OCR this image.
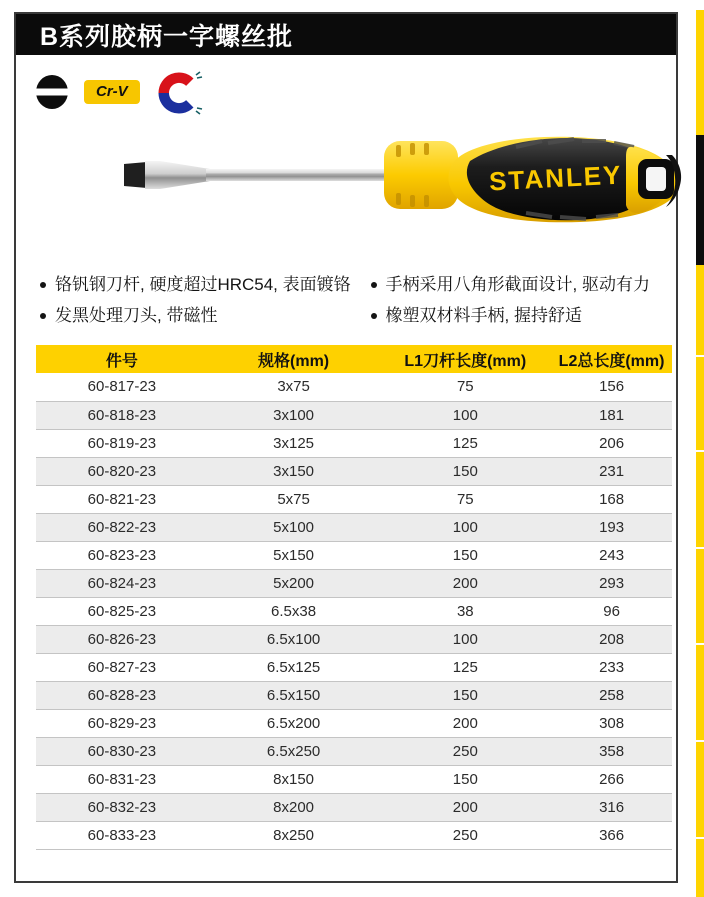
B系列胶柄一字螺丝批
Cr-V
STANLEY
铬钒钢刀杆, 硬度超过HRC54, 表面镀铬
发黑处理刀头, 带磁性
手柄采用八角形截面设计, 驱动有力
橡塑双材料手柄, 握持舒适
件号	规格(mm)	L1刀杆长度(mm)	L2总长度(mm)
60-817-23	3x75	75	156
60-818-23	3x100	100	181
60-819-23	3x125	125	206
60-820-23	3x150	150	231
60-821-23	5x75	75	168
60-822-23	5x100	100	193
60-823-23	5x150	150	243
60-824-23	5x200	200	293
60-825-23	6.5x38	38	96
60-826-23	6.5x100	100	208
60-827-23	6.5x125	125	233
60-828-23	6.5x150	150	258
60-829-23	6.5x200	200	308
60-830-23	6.5x250	250	358
60-831-23	8x150	150	266
60-832-23	8x200	200	316
60-833-23	8x250	250	366
